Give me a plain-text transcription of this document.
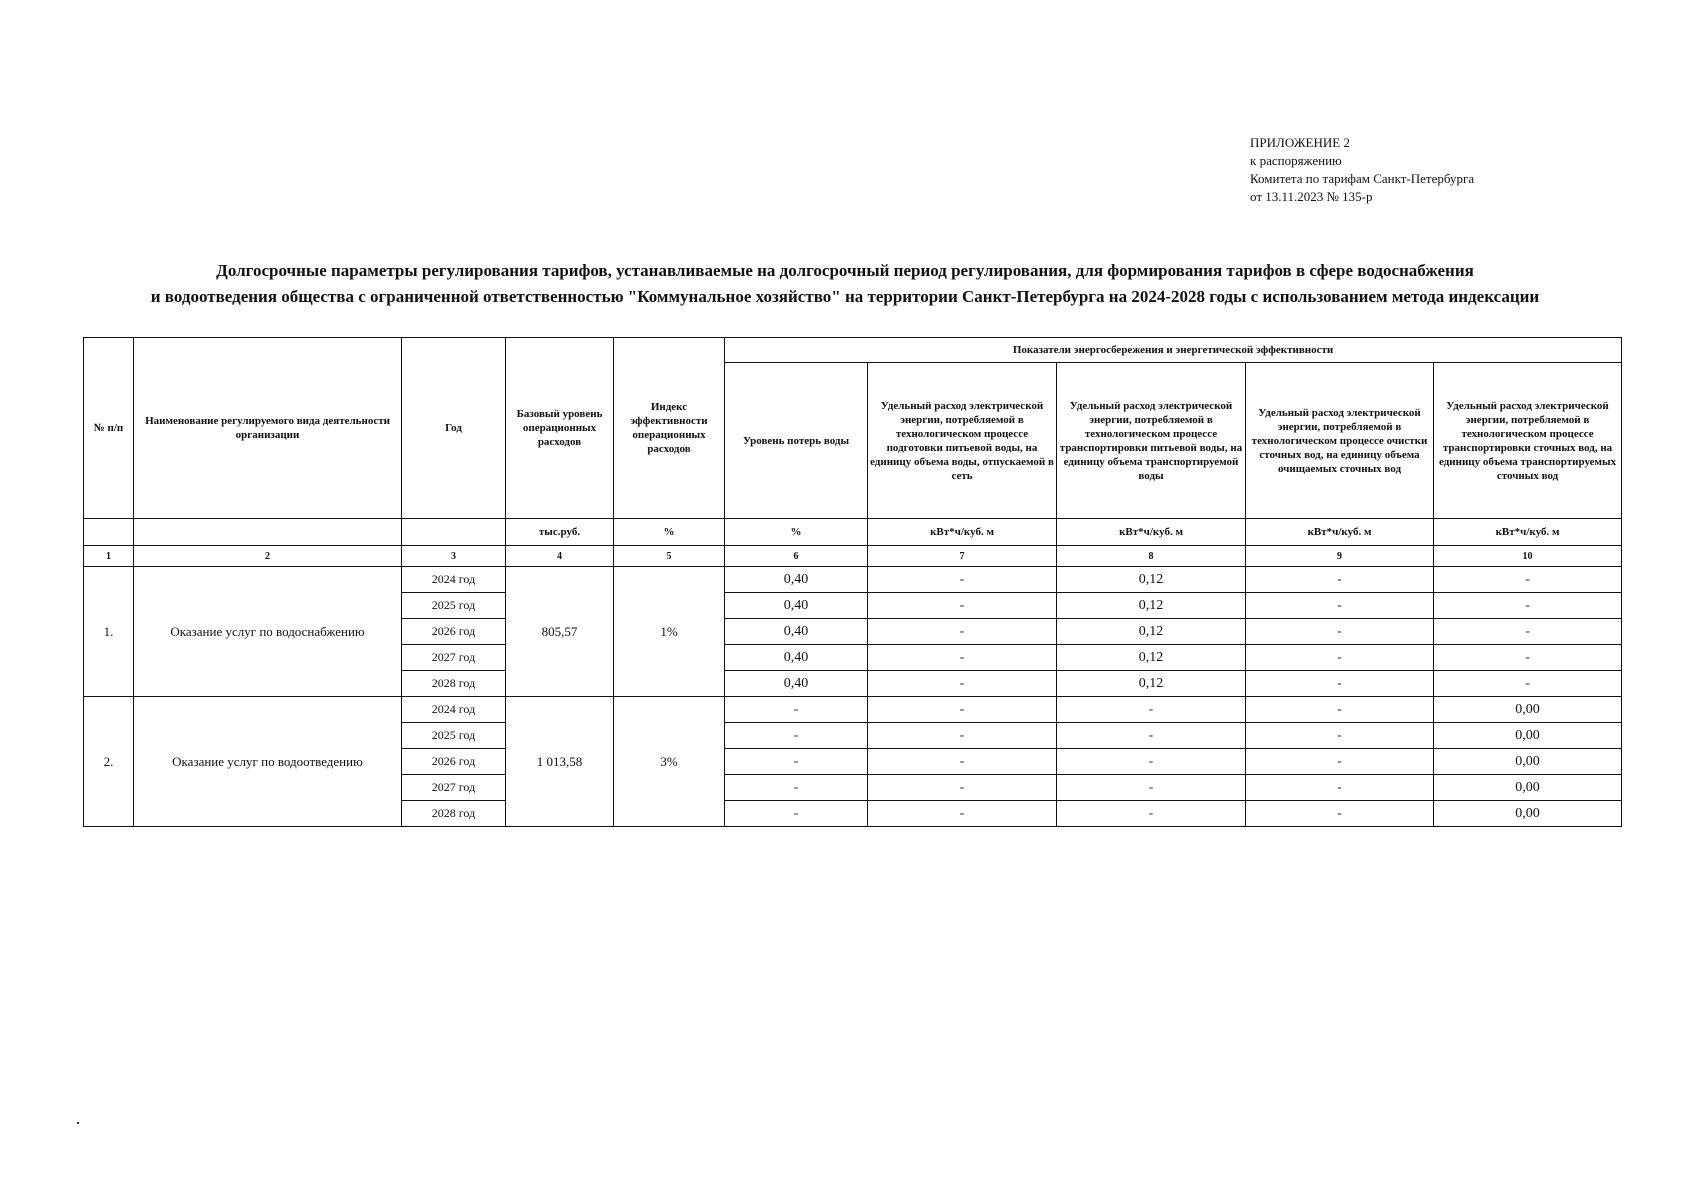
ПРИЛОЖЕНИЕ 2
к распоряжению
Комитета по тарифам Санкт-Петербурга
от 13.11.2023 № 135-р
Долгосрочные параметры регулирования тарифов, устанавливаемые на долгосрочный период регулирования, для формирования тарифов в сфере водоснабжения
и водоотведения общества с ограниченной ответственностью "Коммунальное хозяйство" на территории Санкт-Петербурга на 2024-2028 годы с использованием метода индексации
№ п/п	Наименование регулируемого вида деятельности организации	Год	Базовый уровень операционных расходов	Индекс эффективности операционных расходов	Показатели энергосбережения и энергетической эффективности				
					Уровень потерь воды	Удельный расход электрической энергии, потребляемой в технологическом процессе подготовки питьевой воды, на единицу объема воды, отпускаемой в сеть	Удельный расход электрической энергии, потребляемой в технологическом процессе транспортировки питьевой воды, на единицу объема транспортируемой воды	Удельный расход электрической энергии, потребляемой в технологическом процессе очистки сточных вод, на единицу объема очищаемых сточных вод	Удельный расход электрической энергии, потребляемой в технологическом процессе транспортировки сточных вод, на единицу объема транспортируемых сточных вод
			тыс.руб.	%	%	кВт*ч/куб. м	кВт*ч/куб. м	кВт*ч/куб. м	кВт*ч/куб. м
1	2	3	4	5	6	7	8	9	10
1.	Оказание услуг по водоснабжению	2024 год	805,57	1%	0,40	-	0,12	-	-
		2025 год			0,40	-	0,12	-	-
		2026 год			0,40	-	0,12	-	-
		2027 год			0,40	-	0,12	-	-
		2028 год			0,40	-	0,12	-	-
2.	Оказание услуг по водоотведению	2024 год	1 013,58	3%	-	-	-	-	0,00
		2025 год			-	-	-	-	0,00
		2026 год			-	-	-	-	0,00
		2027 год			-	-	-	-	0,00
		2028 год			-	-	-	-	0,00
